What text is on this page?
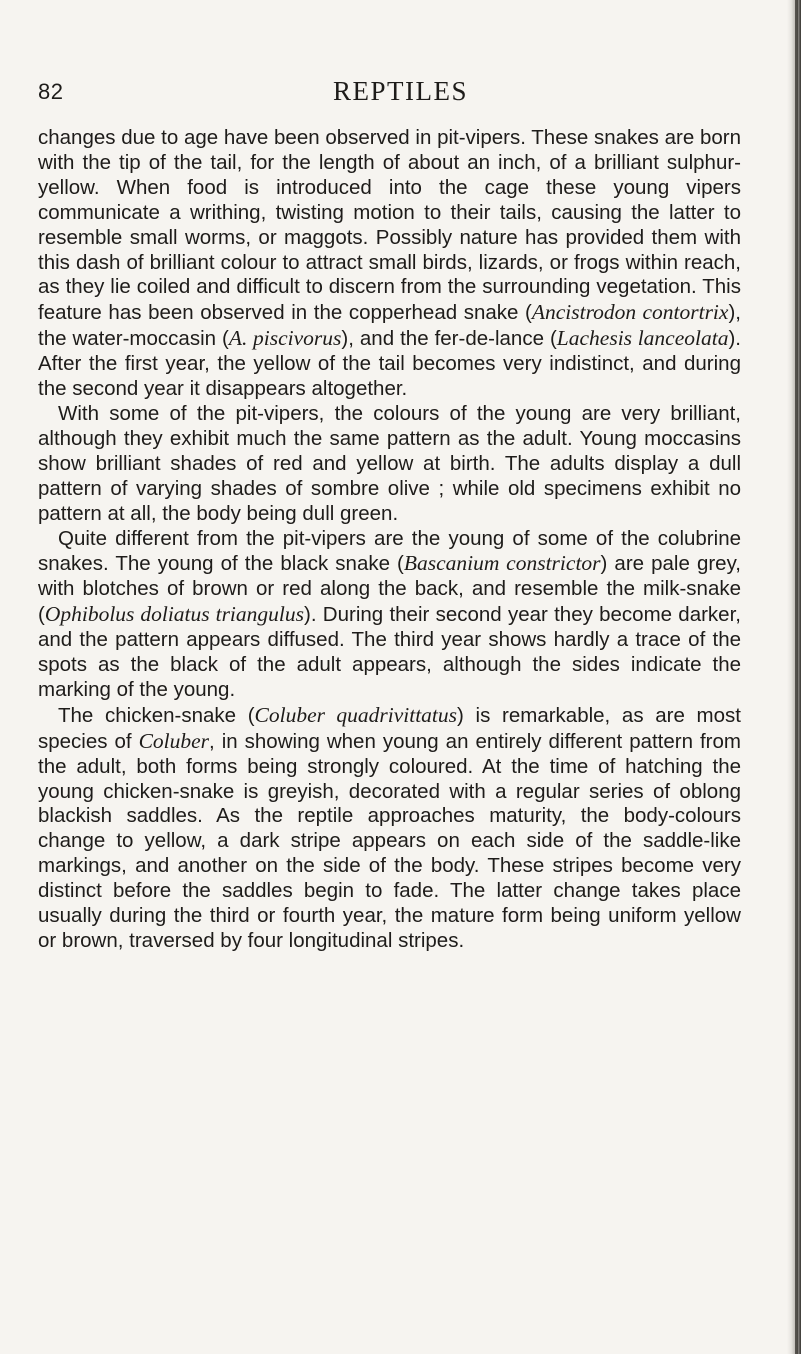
82	REPTILES

changes due to age have been observed in pit-vipers. These snakes are born with the tip of the tail, for the length of about an inch, of a brilliant sulphur-yellow. When food is introduced into the cage these young vipers communicate a writhing, twisting motion to their tails, causing the latter to resemble small worms, or maggots. Possibly nature has provided them with this dash of brilliant colour to attract small birds, lizards, or frogs within reach, as they lie coiled and difficult to discern from the surrounding vegetation. This feature has been observed in the copperhead snake (Ancistrodon contortrix), the water-moccasin (A. piscivorus), and the fer-de-lance (Lachesis lanceolata). After the first year, the yellow of the tail becomes very indistinct, and during the second year it disappears altogether.

With some of the pit-vipers, the colours of the young are very brilliant, although they exhibit much the same pattern as the adult. Young moccasins show brilliant shades of red and yellow at birth. The adults display a dull pattern of varying shades of sombre olive ; while old specimens exhibit no pattern at all, the body being dull green.

Quite different from the pit-vipers are the young of some of the colubrine snakes. The young of the black snake (Bascanium constrictor) are pale grey, with blotches of brown or red along the back, and resemble the milk-snake (Ophibolus doliatus triangulus). During their second year they become darker, and the pattern appears diffused. The third year shows hardly a trace of the spots as the black of the adult appears, although the sides indicate the marking of the young.

The chicken-snake (Coluber quadrivittatus) is remarkable, as are most species of Coluber, in showing when young an entirely different pattern from the adult, both forms being strongly coloured. At the time of hatching the young chicken-snake is greyish, decorated with a regular series of oblong blackish saddles. As the reptile approaches maturity, the body-colours change to yellow, a dark stripe appears on each side of the saddle-like markings, and another on the side of the body. These stripes become very distinct before the saddles begin to fade. The latter change takes place usually during the third or fourth year, the mature form being uniform yellow or brown, traversed by four longitudinal stripes.
